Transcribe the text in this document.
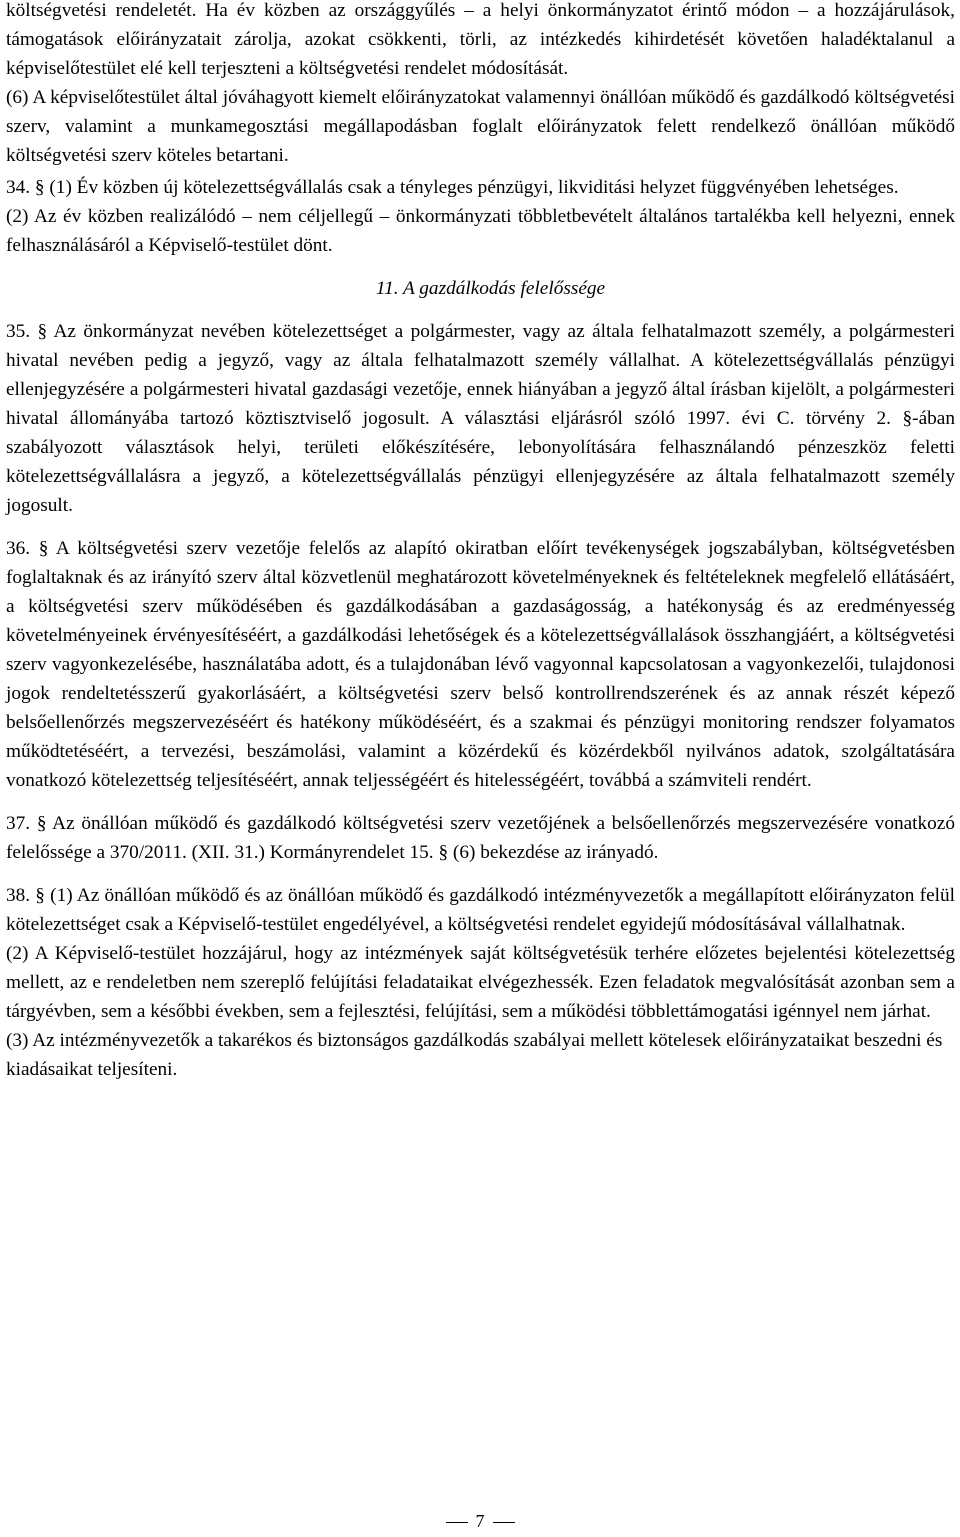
költségvetési rendeletét. Ha év közben az országgyűlés – a helyi önkormányzatot érintő módon – a hozzájárulások, támogatások előirányzatait zárolja, azokat csökkenti, törli, az intézkedés kihirdetését követően haladéktalanul a képviselőtestület elé kell terjeszteni a költségvetési rendelet módosítását.

(6) A képviselőtestület által jóváhagyott kiemelt előirányzatokat valamennyi önállóan működő és gazdálkodó költségvetési szerv, valamint a munkamegosztási megállapodásban foglalt előirányzatok felett rendelkező önállóan működő költségvetési szerv köteles betartani.

34. § (1) Év közben új kötelezettségvállalás csak a tényleges pénzügyi, likviditási helyzet függvényében lehetséges.

(2) Az év közben realizálódó – nem céljellegű – önkormányzati többletbevételt általános tartalékba kell helyezni, ennek felhasználásáról a Képviselő-testület dönt.

11. A gazdálkodás felelőssége

35. § Az önkormányzat nevében kötelezettséget a polgármester, vagy az általa felhatalmazott személy, a polgármesteri hivatal nevében pedig a jegyző, vagy az általa felhatalmazott személy vállalhat. A kötelezettségvállalás pénzügyi ellenjegyzésére a polgármesteri hivatal gazdasági vezetője, ennek hiányában a jegyző által írásban kijelölt, a polgármesteri hivatal állományába tartozó köztisztviselő jogosult. A választási eljárásról szóló 1997. évi C. törvény 2. §-ában szabályozott választások helyi, területi előkészítésére, lebonyolítására felhasználandó pénzeszköz feletti kötelezettségvállalásra a jegyző, a kötelezettségvállalás pénzügyi ellenjegyzésére az általa felhatalmazott személy jogosult.

36. § A költségvetési szerv vezetője felelős az alapító okiratban előírt tevékenységek jogszabályban, költségvetésben foglaltaknak és az irányító szerv által közvetlenül meghatározott követelményeknek és feltételeknek megfelelő ellátásáért, a költségvetési szerv működésében és gazdálkodásában a gazdaságosság, a hatékonyság és az eredményesség követelményeinek érvényesítéséért, a gazdálkodási lehetőségek és a kötelezettségvállalások összhangjáért, a költségvetési szerv vagyonkezelésébe, használatába adott, és a tulajdonában lévő vagyonnal kapcsolatosan a vagyonkezelői, tulajdonosi jogok rendeltetésszerű gyakorlásáért, a költségvetési szerv belső kontrollrendszerének és az annak részét képező belsőellenőrzés megszervezéséért és hatékony működéséért, és a szakmai és pénzügyi monitoring rendszer folyamatos működtetéséért, a tervezési, beszámolási, valamint a közérdekű és közérdekből nyilvános adatok, szolgáltatására vonatkozó kötelezettség teljesítéséért, annak teljességéért és hitelességéért, továbbá a számviteli rendért.

37. § Az önállóan működő és gazdálkodó költségvetési szerv vezetőjének a belsőellenőrzés megszervezésére vonatkozó felelőssége a 370/2011. (XII. 31.) Kormányrendelet 15. § (6) bekezdése az irányadó.

38. § (1) Az önállóan működő és az önállóan működő és gazdálkodó intézményvezetők a megállapított előirányzaton felül kötelezettséget csak a Képviselő-testület engedélyével, a költségvetési rendelet egyidejű módosításával vállalhatnak.

(2) A Képviselő-testület hozzájárul, hogy az intézmények saját költségvetésük terhére előzetes bejelentési kötelezettség mellett, az e rendeletben nem szereplő felújítási feladataikat elvégezhessék. Ezen feladatok megvalósítását azonban sem a tárgyévben, sem a későbbi években, sem a fejlesztési, felújítási, sem a működési többlettámogatási igénnyel nem járhat.

(3) Az intézményvezetők a takarékos és biztonságos gazdálkodás szabályai mellett kötelesek előirányzataikat beszedni és kiadásaikat teljesíteni.

7
